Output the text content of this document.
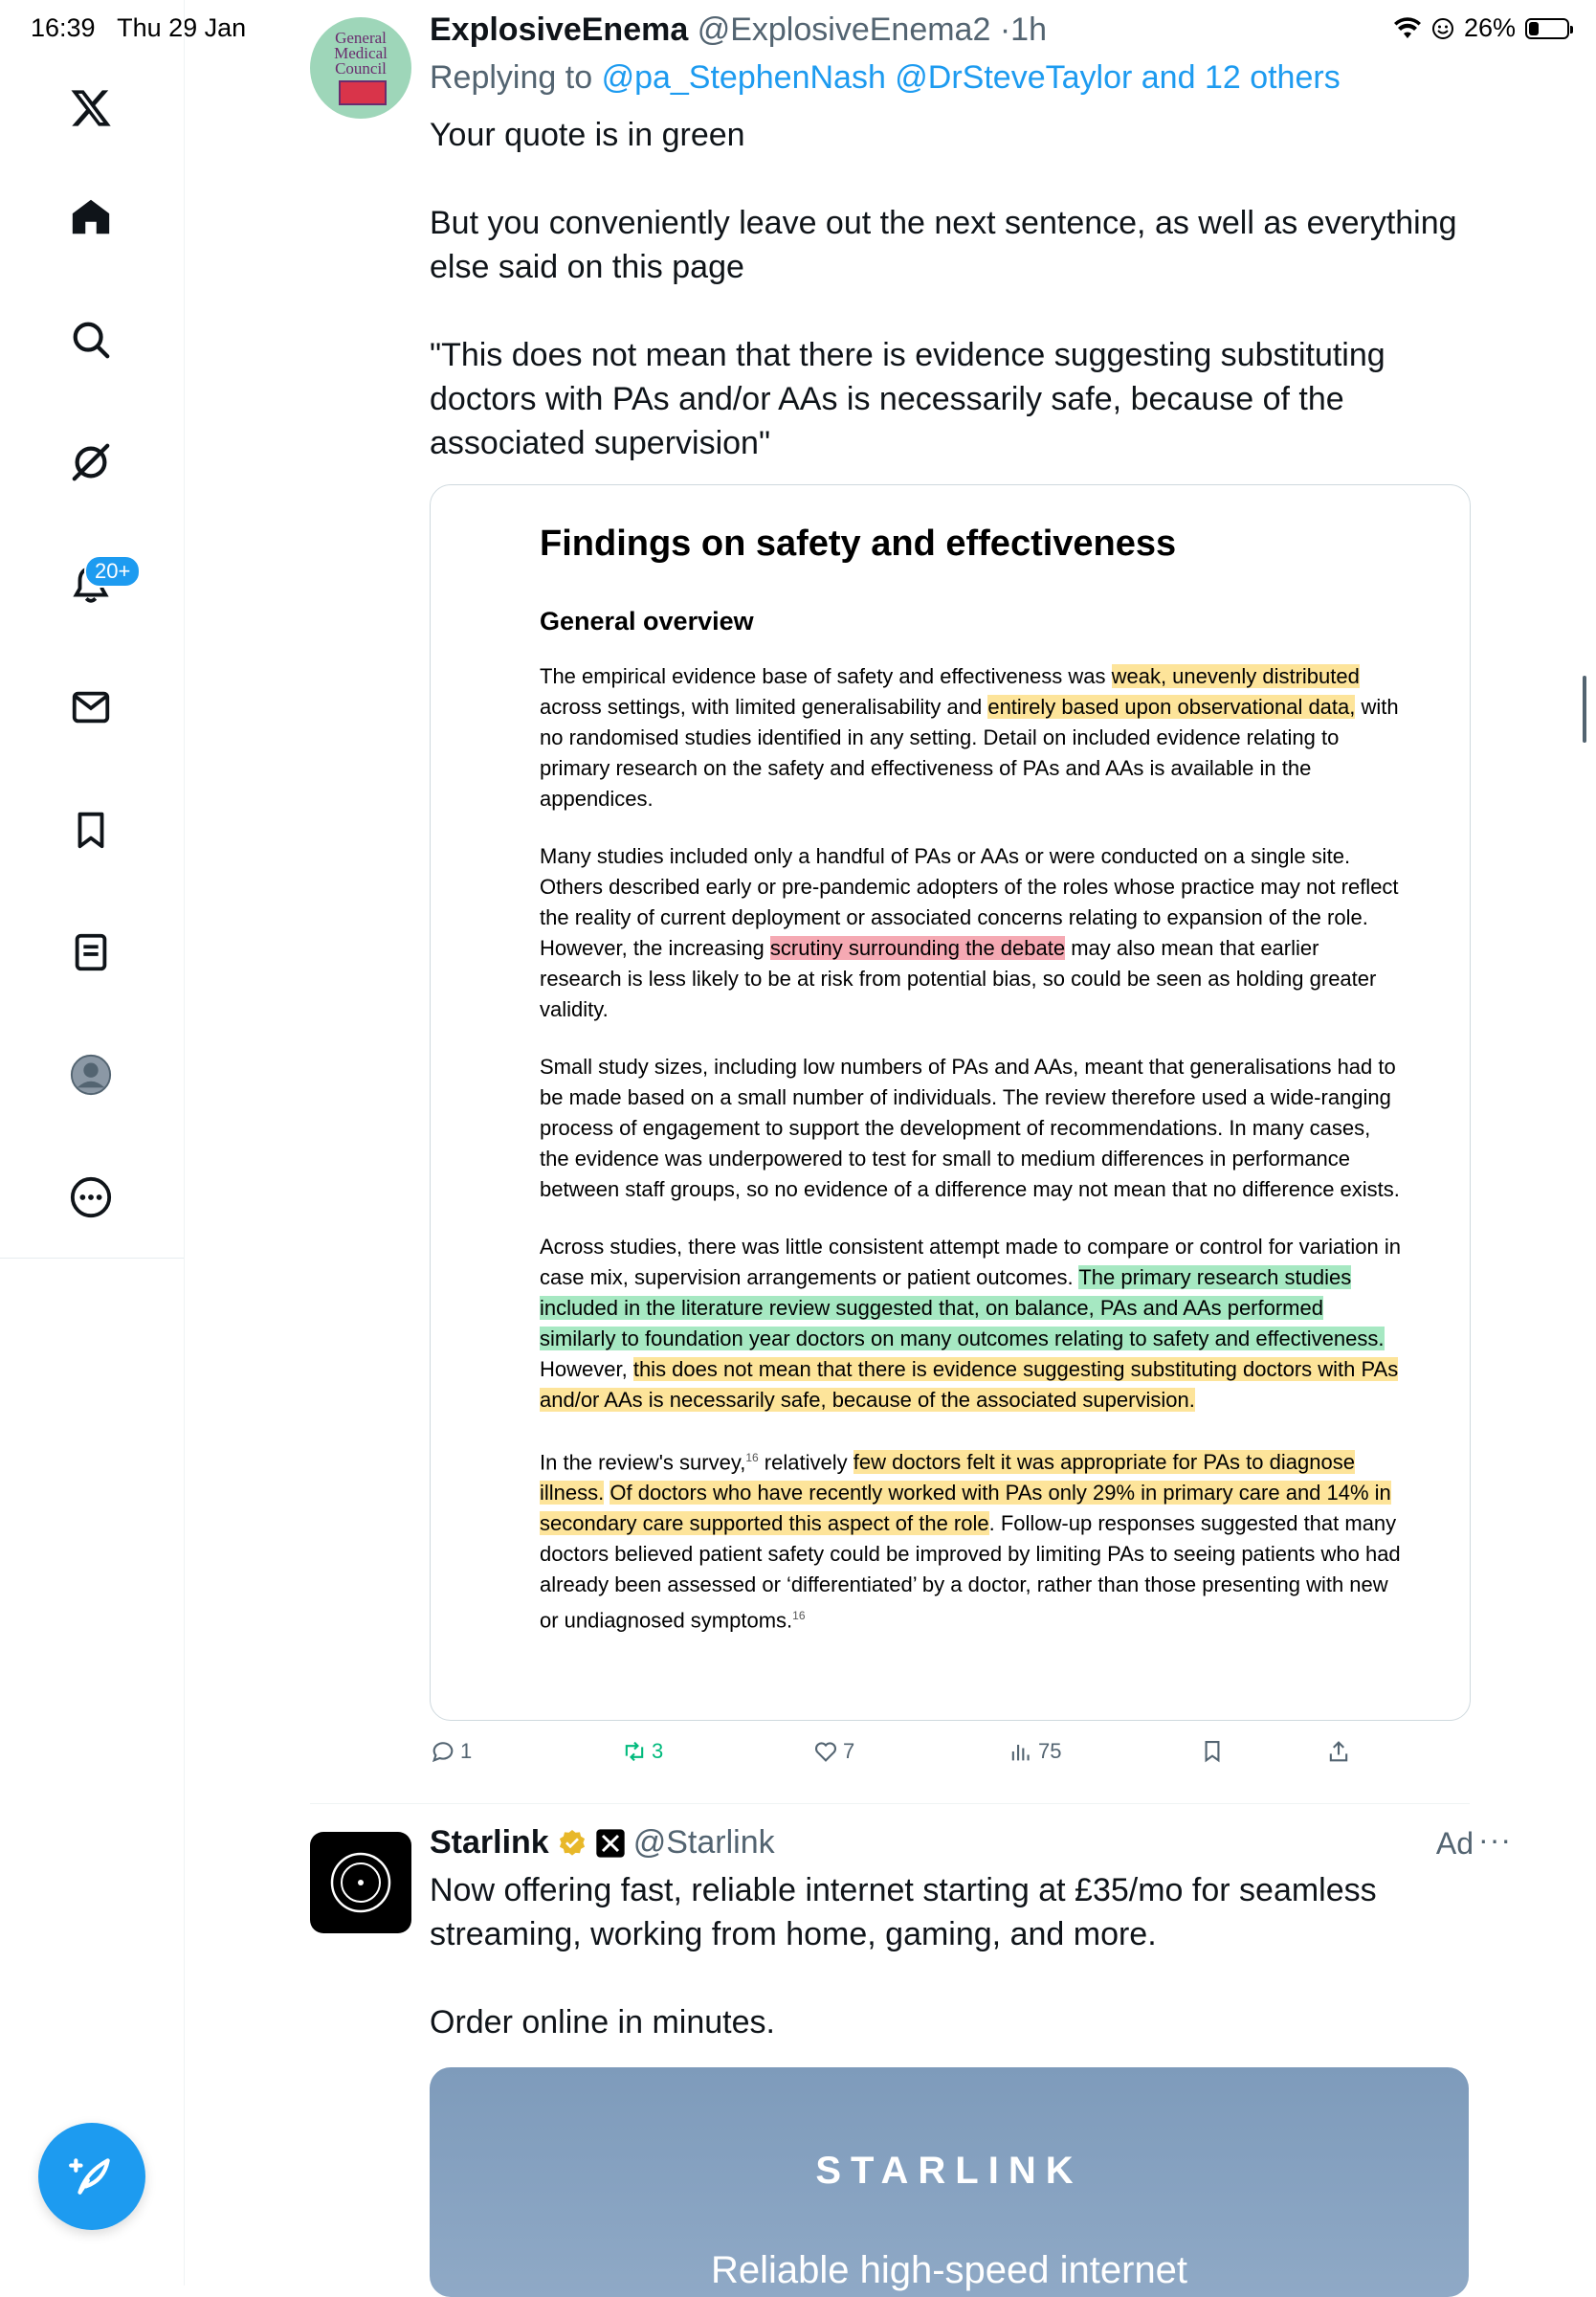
16:39 Thu 29 Jan	26%
20+
General Medical Council
ExplosiveEnema @ExplosiveEnema2 ·1h
Replying to @pa_StephenNash @DrSteveTaylor and 12 others

Your quote is in green

But you conveniently leave out the next sentence, as well as everything else said on this page

"This does not mean that there is evidence suggesting substituting doctors with PAs and/or AAs is necessarily safe, because of the associated supervision"

Findings on safety and effectiveness
General overview

The empirical evidence base of safety and effectiveness was weak, unevenly distributed across settings, with limited generalisability and entirely based upon observational data, with no randomised studies identified in any setting. Detail on included evidence relating to primary research on the safety and effectiveness of PAs and AAs is available in the appendices.

Many studies included only a handful of PAs or AAs or were conducted on a single site. Others described early or pre-pandemic adopters of the roles whose practice may not reflect the reality of current deployment or associated concerns relating to expansion of the role. However, the increasing scrutiny surrounding the debate may also mean that earlier research is less likely to be at risk from potential bias, so could be seen as holding greater validity.

Small study sizes, including low numbers of PAs and AAs, meant that generalisations had to be made based on a small number of individuals. The review therefore used a wide-ranging process of engagement to support the development of recommendations. In many cases, the evidence was underpowered to test for small to medium differences in performance between staff groups, so no evidence of a difference may not mean that no difference exists.

Across studies, there was little consistent attempt made to compare or control for variation in case mix, supervision arrangements or patient outcomes. The primary research studies included in the literature review suggested that, on balance, PAs and AAs performed similarly to foundation year doctors on many outcomes relating to safety and effectiveness. However, this does not mean that there is evidence suggesting substituting doctors with PAs and/or AAs is necessarily safe, because of the associated supervision.

In the review's survey,$^{16}$ relatively few doctors felt it was appropriate for PAs to diagnose illness. Of doctors who have recently worked with PAs only 29% in primary care and 14% in secondary care supported this aspect of the role. Follow-up responses suggested that many doctors believed patient safety could be improved by limiting PAs to seeing patients who had already been assessed or ‘differentiated’ by a doctor, rather than those presenting with new or undiagnosed symptoms.$^{16}$

1	3	7	75
Starlink	@Starlink	Ad ···

Now offering fast, reliable internet starting at £35/mo for seamless streaming, working from home, gaming, and more.

Order online in minutes.

STARLINK
Reliable high-speed internet
